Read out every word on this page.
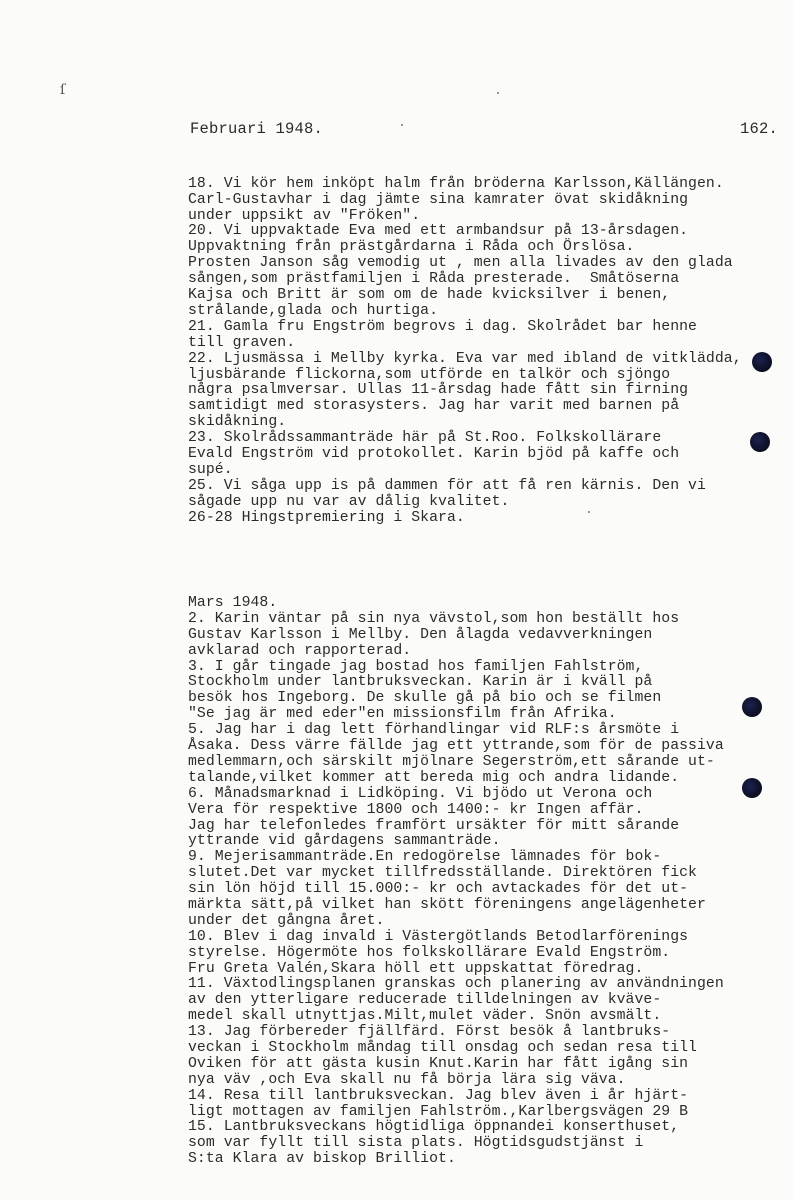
ſ
Februari 1948.	162.

18. Vi kör hem inköpt halm från bröderna Karlsson,Källängen.
Carl-Gustavhar i dag jämte sina kamrater övat skidåkning
under uppsikt av "Fröken".
20. Vi uppvaktade Eva med ett armbandsur på 13-årsdagen.
Uppvaktning från prästgårdarna i Råda och Örslösa.
Prosten Janson såg vemodig ut , men alla livades av den glada
sången,som prästfamiljen i Råda presterade.  Småtöserna
Kajsa och Britt är som om de hade kvicksilver i benen,
strålande,glada och hurtiga.
21. Gamla fru Engström begrovs i dag. Skolrådet bar henne
till graven.
22. Ljusmässa i Mellby kyrka. Eva var med ibland de vitklädda,
ljusbärande flickorna,som utförde en talkör och sjöngo
några psalmversar. Ullas 11-årsdag hade fått sin firning
samtidigt med storasysters. Jag har varit med barnen på
skidåkning.
23. Skolrådssammanträde här på St.Roo. Folkskollärare
Evald Engström vid protokollet. Karin bjöd på kaffe och
supé.
25. Vi såga upp is på dammen för att få ren kärnis. Den vi
sågade upp nu var av dålig kvalitet.
26-28 Hingstpremiering i Skara.

Mars 1948.
2. Karin väntar på sin nya vävstol,som hon beställt hos
Gustav Karlsson i Mellby. Den ålagda vedavverkningen
avklarad och rapporterad.
3. I går tingade jag bostad hos familjen Fahlström,
Stockholm under lantbruksveckan. Karin är i kväll på
besök hos Ingeborg. De skulle gå på bio och se filmen
"Se jag är med eder"en missionsfilm från Afrika.
5. Jag har i dag lett förhandlingar vid RLF:s årsmöte i
Åsaka. Dess värre fällde jag ett yttrande,som för de passiva
medlemmarn,och särskilt mjölnare Segerström,ett sårande ut-
talande,vilket kommer att bereda mig och andra lidande.
6. Månadsmarknad i Lidköping. Vi bjödo ut Verona och
Vera för respektive 1800 och 1400:- kr Ingen affär.
Jag har telefonledes framfört ursäkter för mitt sårande
yttrande vid gårdagens sammanträde.
9. Mejerisammanträde.En redogörelse lämnades för bok-
slutet.Det var mycket tillfredsställande. Direktören fick
sin lön höjd till 15.000:- kr och avtackades för det ut-
märkta sätt,på vilket han skött föreningens angelägenheter
under det gångna året.
10. Blev i dag invald i Västergötlands Betodlarförenings
styrelse. Högermöte hos folkskollärare Evald Engström.
Fru Greta Valén,Skara höll ett uppskattat föredrag.
11. Växtodlingsplanen granskas och planering av användningen
av den ytterligare reducerade tilldelningen av kväve-
medel skall utnyttjas.Milt,mulet väder. Snön avsmält.
13. Jag förbereder fjällfärd. Först besök å lantbruks-
veckan i Stockholm måndag till onsdag och sedan resa till
Oviken för att gästa kusin Knut.Karin har fått igång sin
nya väv ,och Eva skall nu få börja lära sig väva.
14. Resa till lantbruksveckan. Jag blev även i år hjärt-
ligt mottagen av familjen Fahlström.,Karlbergsvägen 29 B
15. Lantbruksveckans högtidliga öppnandei konserthuset,
som var fyllt till sista plats. Högtidsgudstjänst i
S:ta Klara av biskop Brilliot.
